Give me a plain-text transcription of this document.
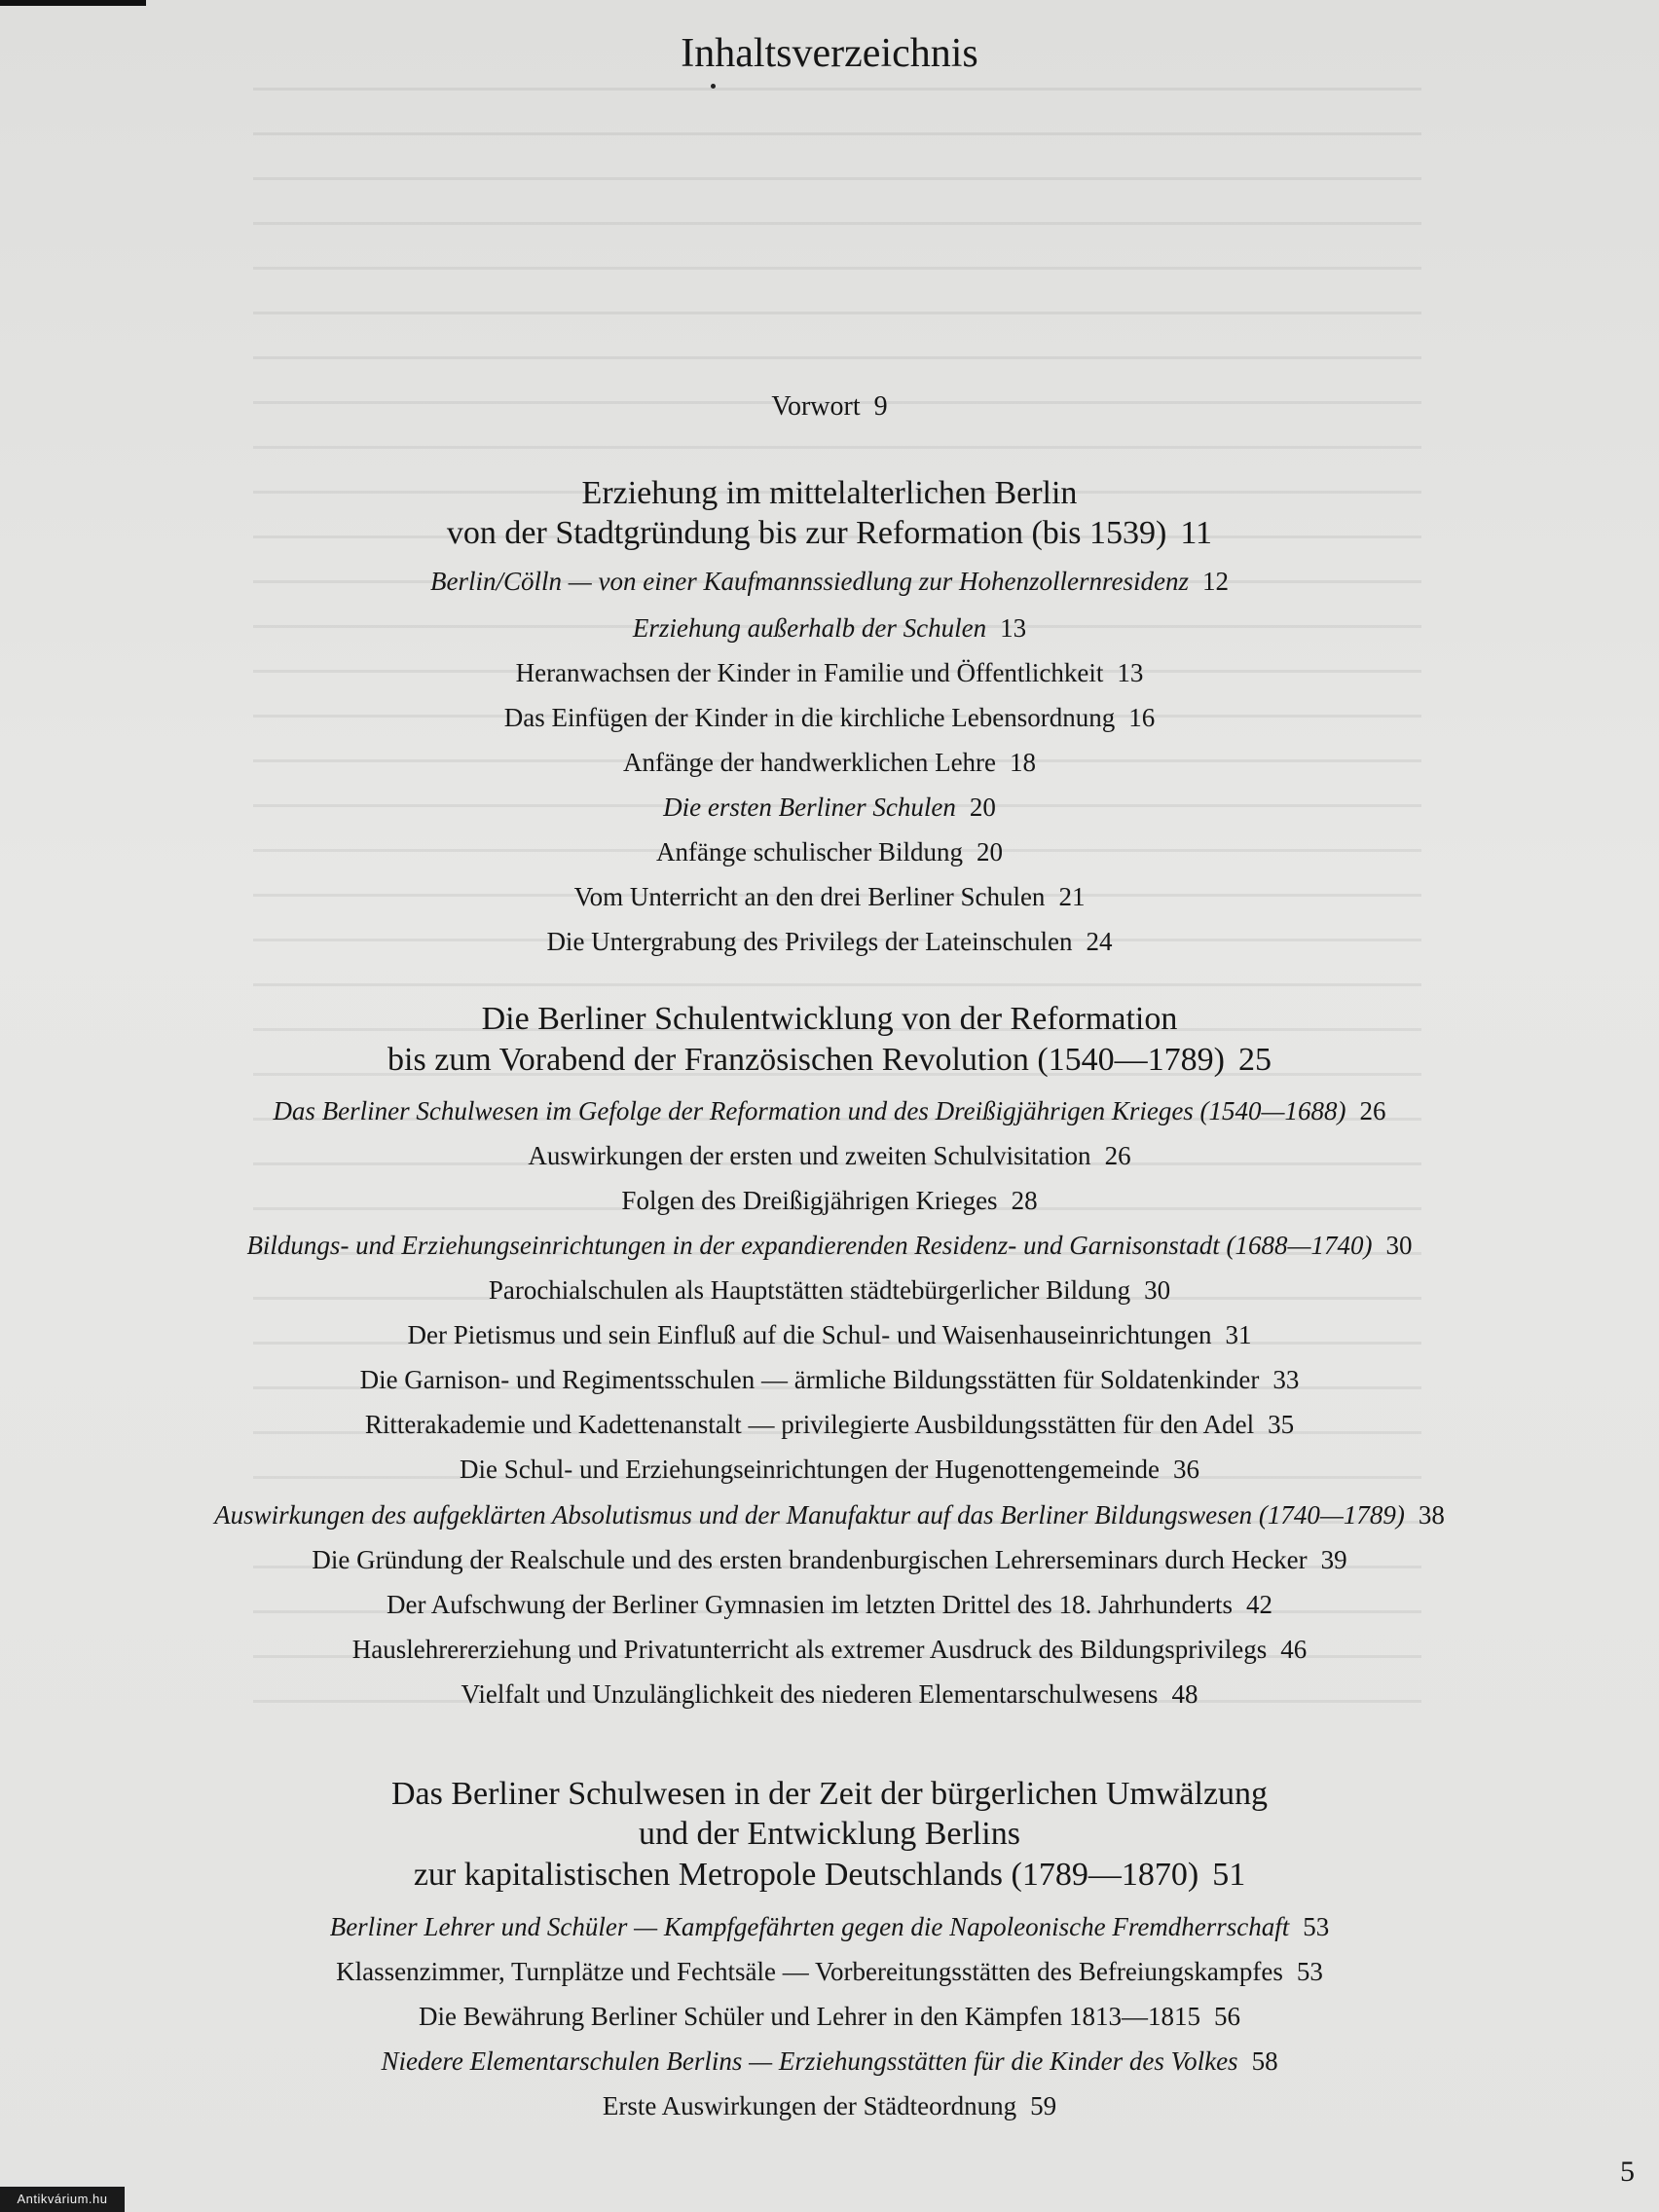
Inhaltsverzeichnis
Vorwort 9
Erziehung im mittelalterlichen Berlin
von der Stadtgründung bis zur Reformation (bis 1539) 11
Berlin/Cölln — von einer Kaufmannssiedlung zur Hohenzollernresidenz 12
Erziehung außerhalb der Schulen 13
Heranwachsen der Kinder in Familie und Öffentlichkeit 13
Das Einfügen der Kinder in die kirchliche Lebensordnung 16
Anfänge der handwerklichen Lehre 18
Die ersten Berliner Schulen 20
Anfänge schulischer Bildung 20
Vom Unterricht an den drei Berliner Schulen 21
Die Untergrabung des Privilegs der Lateinschulen 24
Die Berliner Schulentwicklung von der Reformation
bis zum Vorabend der Französischen Revolution (1540—1789) 25
Das Berliner Schulwesen im Gefolge der Reformation und des Dreißigjährigen Krieges (1540—1688) 26
Auswirkungen der ersten und zweiten Schulvisitation 26
Folgen des Dreißigjährigen Krieges 28
Bildungs- und Erziehungseinrichtungen in der expandierenden Residenz- und Garnisonstadt (1688—1740) 30
Parochialschulen als Hauptstätten städtebürgerlicher Bildung 30
Der Pietismus und sein Einfluß auf die Schul- und Waisenhauseinrichtungen 31
Die Garnison- und Regimentsschulen — ärmliche Bildungsstätten für Soldatenkinder 33
Ritterakademie und Kadettenanstalt — privilegierte Ausbildungsstätten für den Adel 35
Die Schul- und Erziehungseinrichtungen der Hugenottengemeinde 36
Auswirkungen des aufgeklärten Absolutismus und der Manufaktur auf das Berliner Bildungswesen (1740—1789) 38
Die Gründung der Realschule und des ersten brandenburgischen Lehrerseminars durch Hecker 39
Der Aufschwung der Berliner Gymnasien im letzten Drittel des 18. Jahrhunderts 42
Hauslehrererziehung und Privatunterricht als extremer Ausdruck des Bildungsprivilegs 46
Vielfalt und Unzulänglichkeit des niederen Elementarschulwesens 48
Das Berliner Schulwesen in der Zeit der bürgerlichen Umwälzung
und der Entwicklung Berlins
zur kapitalistischen Metropole Deutschlands (1789—1870) 51
Berliner Lehrer und Schüler — Kampfgefährten gegen die Napoleonische Fremdherrschaft 53
Klassenzimmer, Turnplätze und Fechtsäle — Vorbereitungsstätten des Befreiungskampfes 53
Die Bewährung Berliner Schüler und Lehrer in den Kämpfen 1813—1815 56
Niedere Elementarschulen Berlins — Erziehungsstätten für die Kinder des Volkes 58
Erste Auswirkungen der Städteordnung 59
5
Antikvárium.hu
